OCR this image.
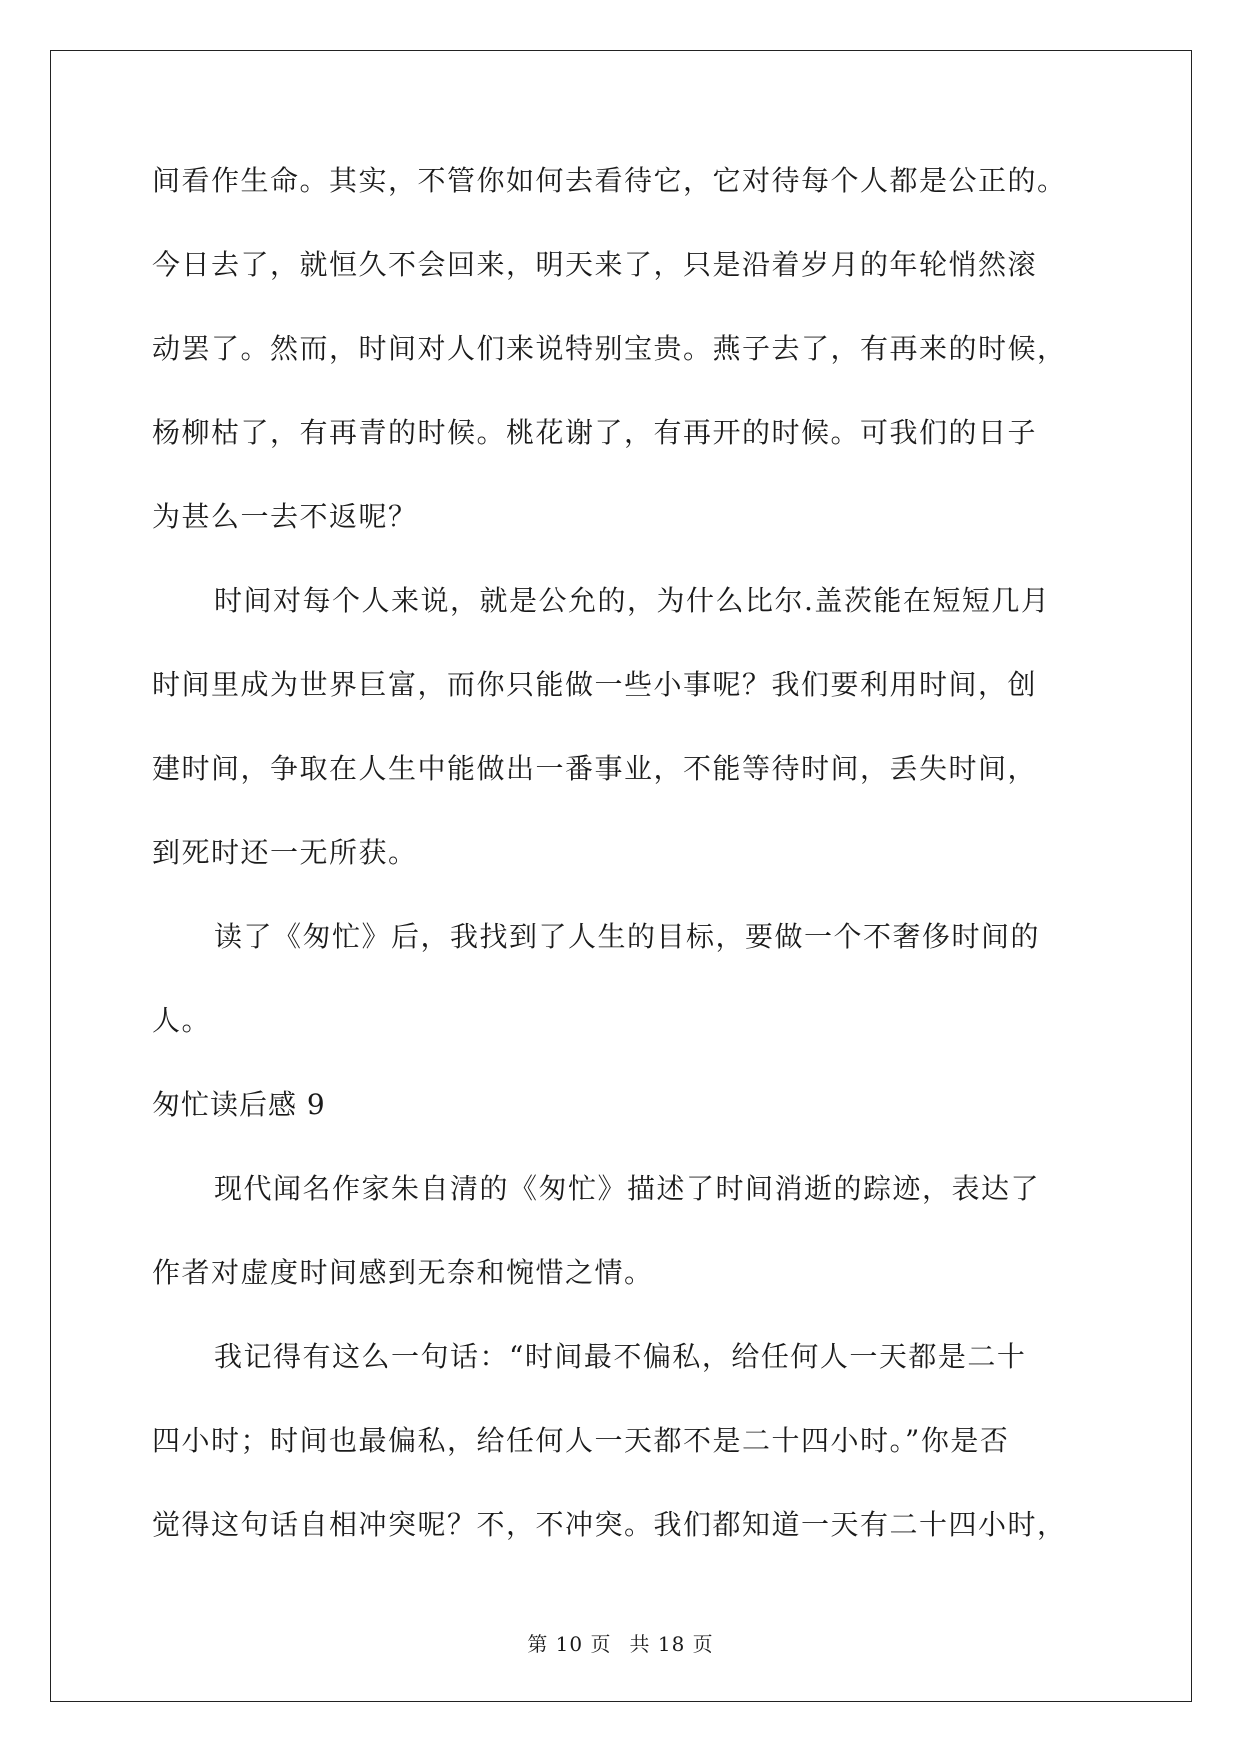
间看作生命。其实，不管你如何去看待它，它对待每个人都是公正的。
今日去了，就恒久不会回来，明天来了，只是沿着岁月的年轮悄然滚
动罢了。然而，时间对人们来说特别宝贵。燕子去了，有再来的时候，
杨柳枯了，有再青的时候。桃花谢了，有再开的时候。可我们的日子
为甚么一去不返呢？
时间对每个人来说，就是公允的，为什么比尔.盖茨能在短短几月
时间里成为世界巨富，而你只能做一些小事呢？我们要利用时间，创
建时间，争取在人生中能做出一番事业，不能等待时间，丢失时间，
到死时还一无所获。
读了《匆忙》后，我找到了人生的目标，要做一个不奢侈时间的
人。
匆忙读后感 9
现代闻名作家朱自清的《匆忙》描述了时间消逝的踪迹，表达了
作者对虚度时间感到无奈和惋惜之情。
我记得有这么一句话：“时间最不偏私，给任何人一天都是二十
四小时；时间也最偏私，给任何人一天都不是二十四小时。”你是否
觉得这句话自相冲突呢？不，不冲突。我们都知道一天有二十四小时，
第 10 页 共 18 页
